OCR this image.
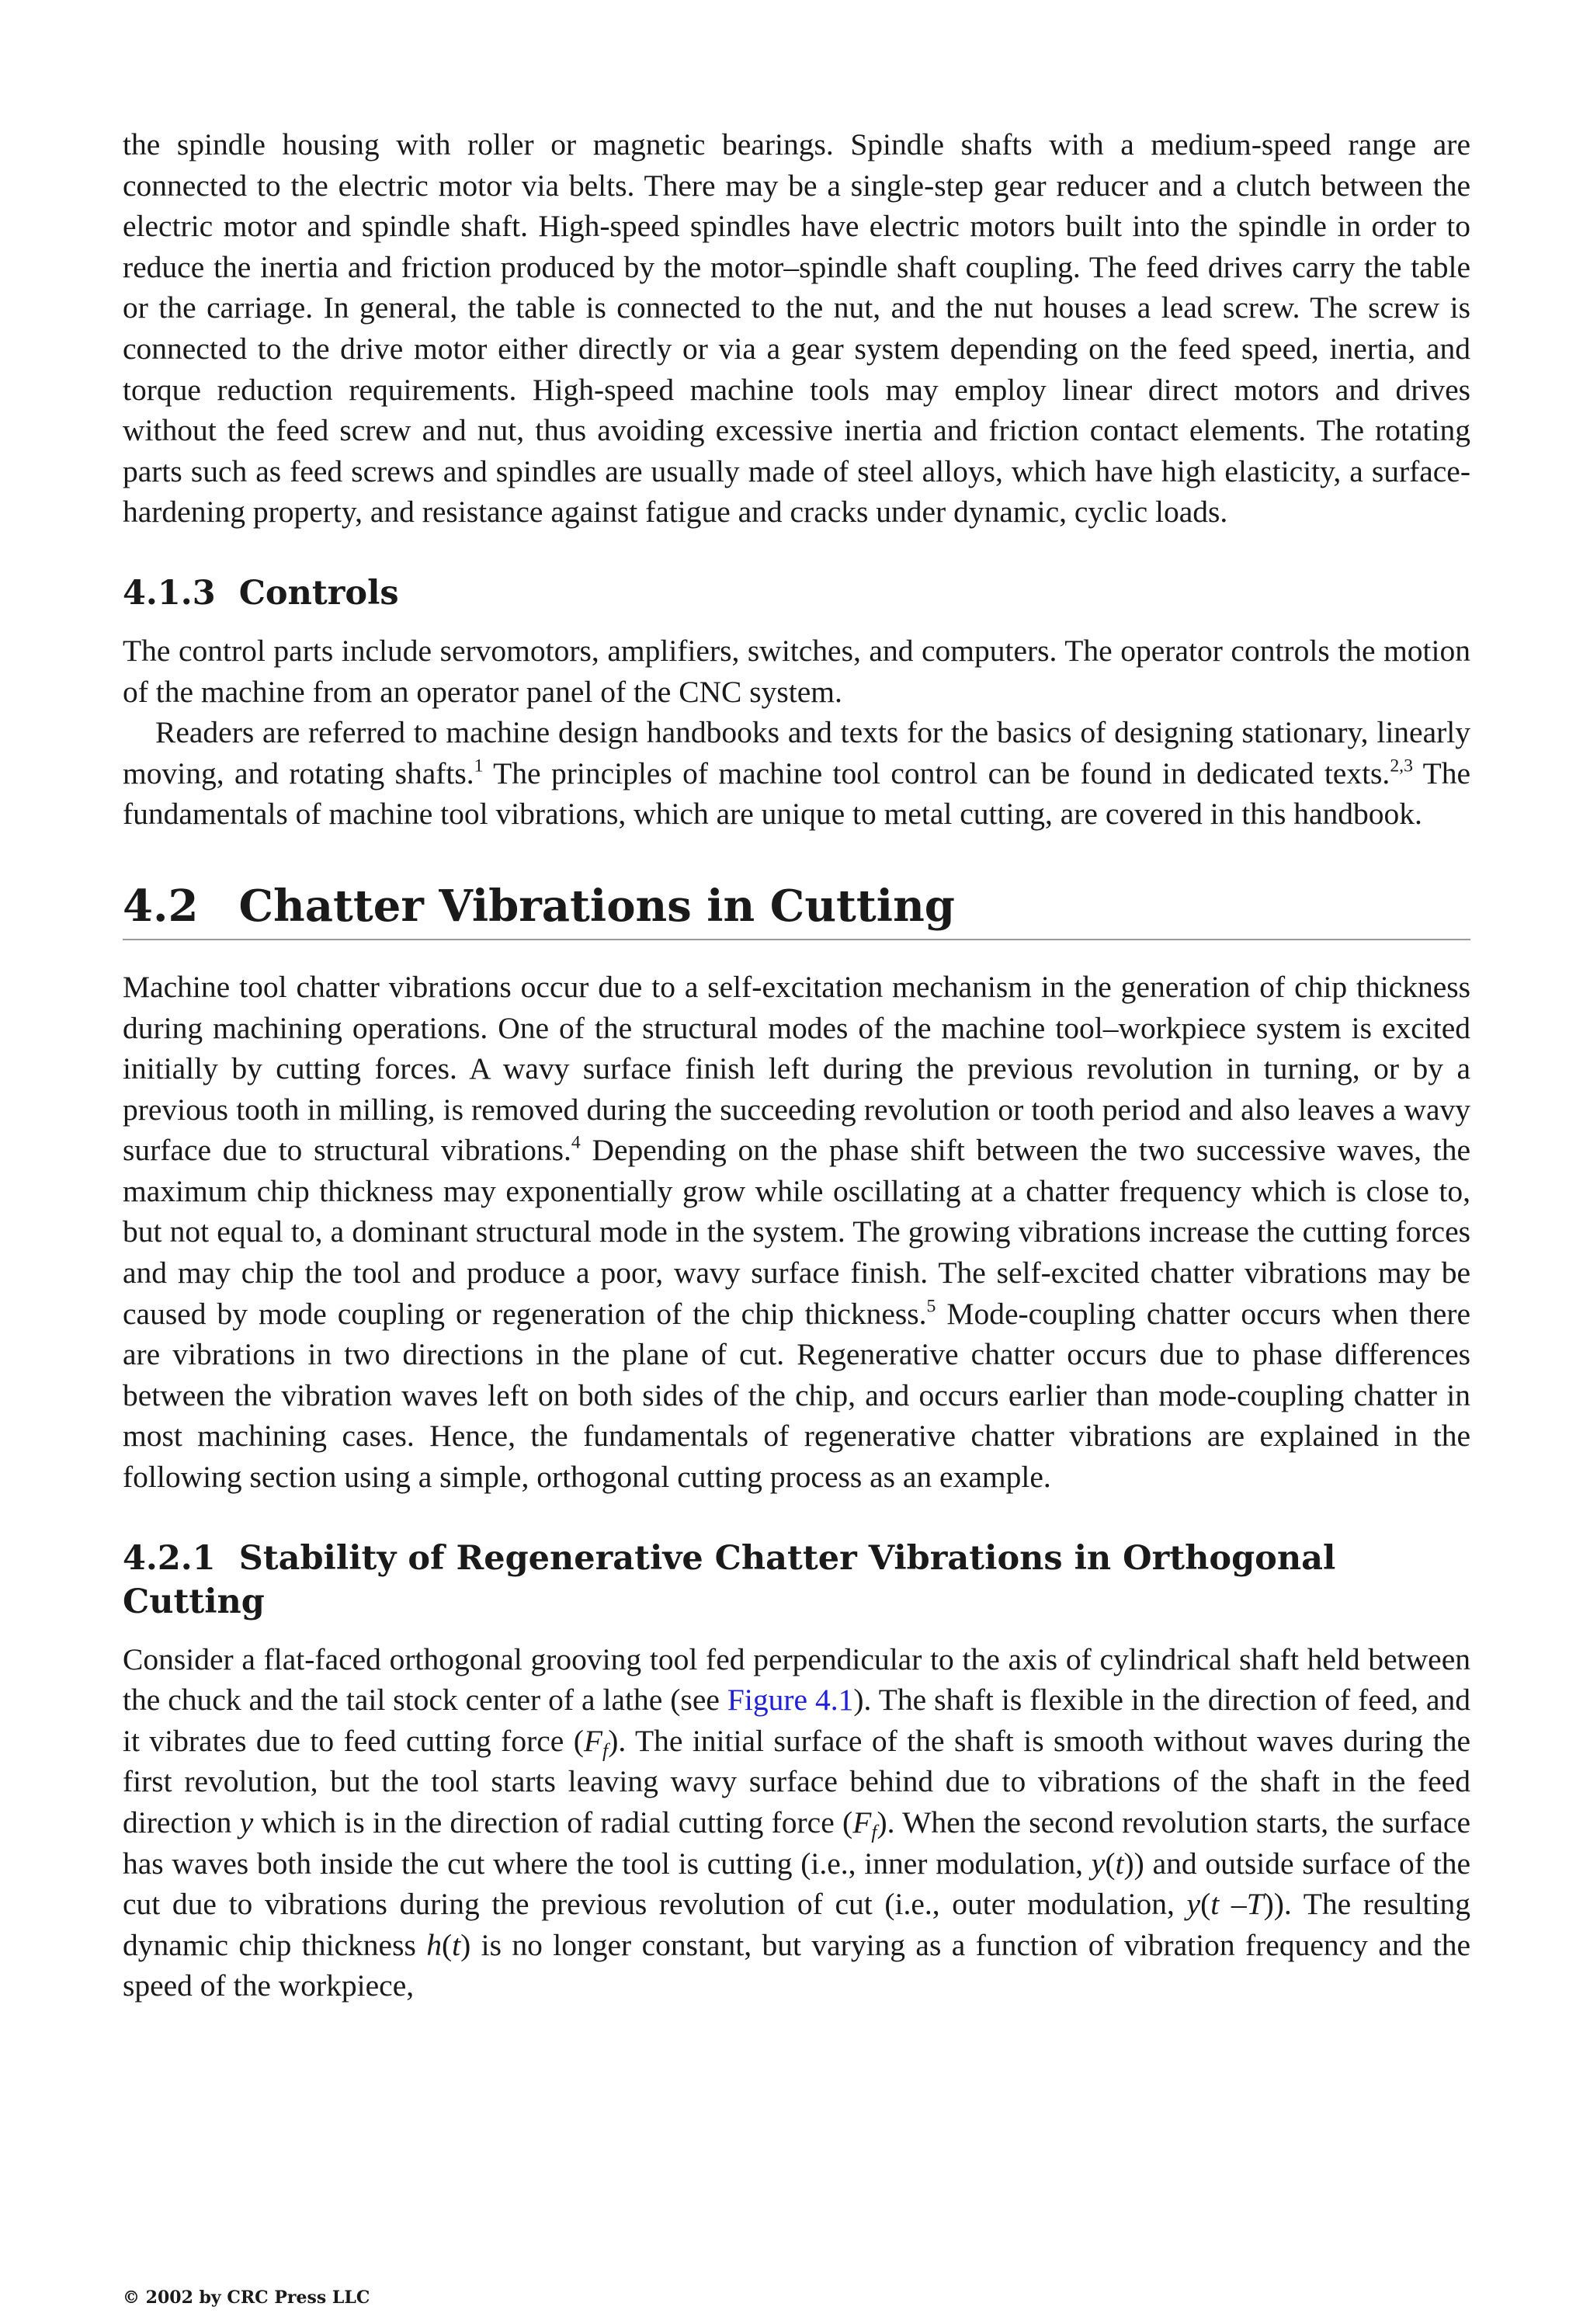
the spindle housing with roller or magnetic bearings. Spindle shafts with a medium-speed range are connected to the electric motor via belts. There may be a single-step gear reducer and a clutch between the electric motor and spindle shaft. High-speed spindles have electric motors built into the spindle in order to reduce the inertia and friction produced by the motor–spindle shaft coupling. The feed drives carry the table or the carriage. In general, the table is connected to the nut, and the nut houses a lead screw. The screw is connected to the drive motor either directly or via a gear system depending on the feed speed, inertia, and torque reduction requirements. High-speed machine tools may employ linear direct motors and drives without the feed screw and nut, thus avoiding excessive inertia and friction contact elements. The rotating parts such as feed screws and spindles are usually made of steel alloys, which have high elasticity, a surface-hardening property, and resistance against fatigue and cracks under dynamic, cyclic loads.

4.1.3 Controls

The control parts include servomotors, amplifiers, switches, and computers. The operator controls the motion of the machine from an operator panel of the CNC system.

Readers are referred to machine design handbooks and texts for the basics of designing stationary, linearly moving, and rotating shafts.$^1$ The principles of machine tool control can be found in dedicated texts.$^{2,3}$ The fundamentals of machine tool vibrations, which are unique to metal cutting, are covered in this handbook.

4.2 Chatter Vibrations in Cutting

Machine tool chatter vibrations occur due to a self-excitation mechanism in the generation of chip thickness during machining operations. One of the structural modes of the machine tool–workpiece system is excited initially by cutting forces. A wavy surface finish left during the previous revolution in turning, or by a previous tooth in milling, is removed during the succeeding revolution or tooth period and also leaves a wavy surface due to structural vibrations.$^4$ Depending on the phase shift between the two successive waves, the maximum chip thickness may exponentially grow while oscillating at a chatter frequency which is close to, but not equal to, a dominant structural mode in the system. The growing vibrations increase the cutting forces and may chip the tool and produce a poor, wavy surface finish. The self-excited chatter vibrations may be caused by mode coupling or regeneration of the chip thickness.$^5$ Mode-coupling chatter occurs when there are vibrations in two directions in the plane of cut. Regenerative chatter occurs due to phase differences between the vibration waves left on both sides of the chip, and occurs earlier than mode-coupling chatter in most machining cases. Hence, the fundamentals of regenerative chatter vibrations are explained in the following section using a simple, orthogonal cutting process as an example.

4.2.1 Stability of Regenerative Chatter Vibrations in Orthogonal Cutting

Consider a flat-faced orthogonal grooving tool fed perpendicular to the axis of cylindrical shaft held between the chuck and the tail stock center of a lathe (see Figure 4.1). The shaft is flexible in the direction of feed, and it vibrates due to feed cutting force $(F_f)$. The initial surface of the shaft is smooth without waves during the first revolution, but the tool starts leaving wavy surface behind due to vibrations of the shaft in the feed direction y which is in the direction of radial cutting force $(F_f)$. When the second revolution starts, the surface has waves both inside the cut where the tool is cutting (i.e., inner modulation, y(t)) and outside surface of the cut due to vibrations during the previous revolution of cut (i.e., outer modulation, y(t –T)). The resulting dynamic chip thickness h(t) is no longer constant, but varying as a function of vibration frequency and the speed of the workpiece,

© 2002 by CRC Press LLC
